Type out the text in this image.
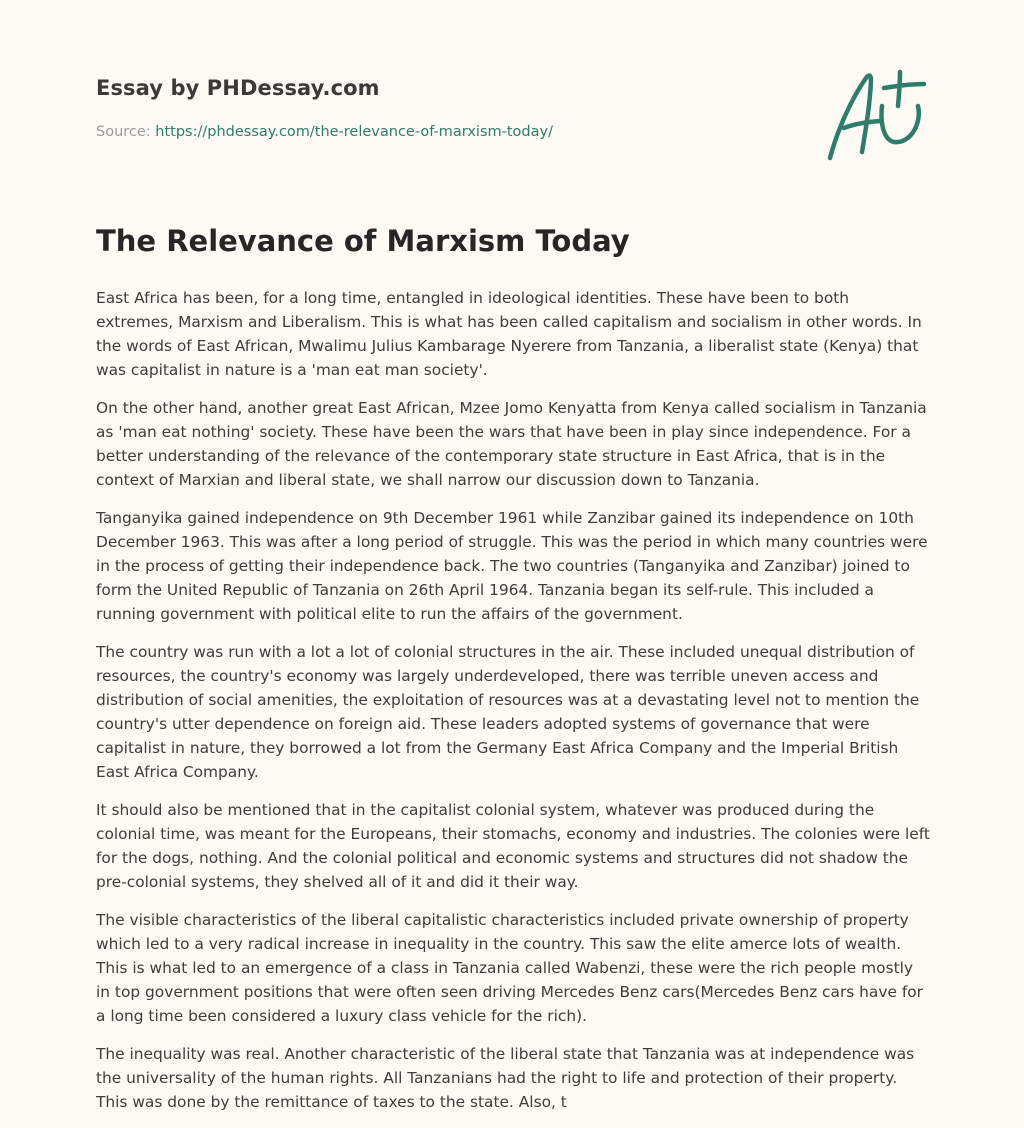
Essay by PHDessay.com
Source: https://phdessay.com/the-relevance-of-marxism-today/
The Relevance of Marxism Today

East Africa has been, for a long time, entangled in ideological identities. These have been to both extremes, Marxism and Liberalism. This is what has been called capitalism and socialism in other words. In the words of East African, Mwalimu Julius Kambarage Nyerere from Tanzania, a liberalist state (Kenya) that was capitalist in nature is a 'man eat man society'.

On the other hand, another great East African, Mzee Jomo Kenyatta from Kenya called socialism in Tanzania as 'man eat nothing' society. These have been the wars that have been in play since independence. For a better understanding of the relevance of the contemporary state structure in East Africa, that is in the context of Marxian and liberal state, we shall narrow our discussion down to Tanzania.

Tanganyika gained independence on 9th December 1961 while Zanzibar gained its independence on 10th December 1963. This was after a long period of struggle. This was the period in which many countries were in the process of getting their independence back. The two countries (Tanganyika and Zanzibar) joined to form the United Republic of Tanzania on 26th April 1964. Tanzania began its self-rule. This included a running government with political elite to run the affairs of the government.

The country was run with a lot a lot of colonial structures in the air. These included unequal distribution of resources, the country's economy was largely underdeveloped, there was terrible uneven access and distribution of social amenities, the exploitation of resources was at a devastating level not to mention the country's utter dependence on foreign aid. These leaders adopted systems of governance that were capitalist in nature, they borrowed a lot from the Germany East Africa Company and the Imperial British East Africa Company.

It should also be mentioned that in the capitalist colonial system, whatever was produced during the colonial time, was meant for the Europeans, their stomachs, economy and industries. The colonies were left for the dogs, nothing. And the colonial political and economic systems and structures did not shadow the pre-colonial systems, they shelved all of it and did it their way.

The visible characteristics of the liberal capitalistic characteristics included private ownership of property which led to a very radical increase in inequality in the country. This saw the elite amerce lots of wealth. This is what led to an emergence of a class in Tanzania called Wabenzi, these were the rich people mostly in top government positions that were often seen driving Mercedes Benz cars(Mercedes Benz cars have for a long time been considered a luxury class vehicle for the rich).

The inequality was real. Another characteristic of the liberal state that Tanzania was at independence was the universality of the human rights. All Tanzanians had the right to life and protection of their property. This was done by the remittance of taxes to the state. Also, t
